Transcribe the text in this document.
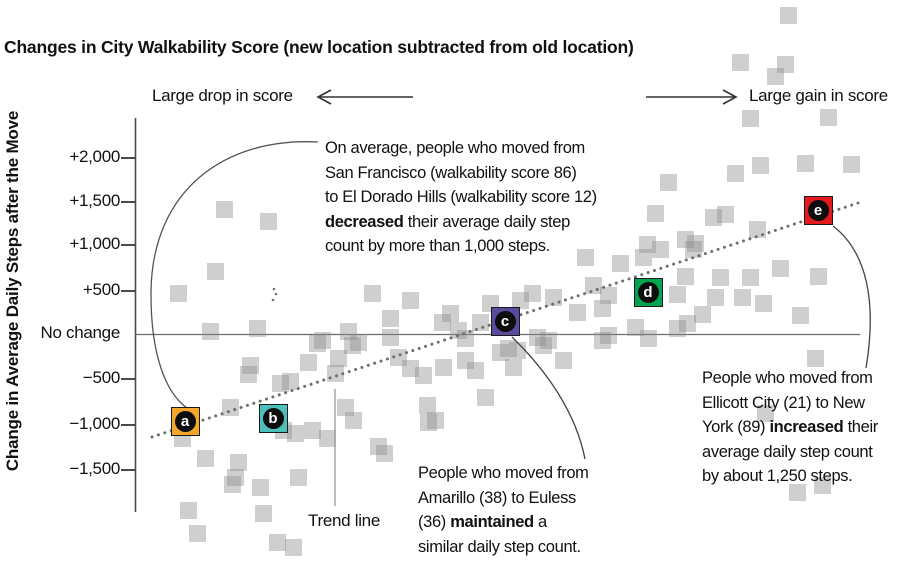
a	b
c
d
e
Changes in City Walkability Score (new location subtracted from old location)
Change in Average Daily Steps after the Move
Large drop in score	Large gain in score
+2,000
+1,500
+1,000
+500
No change
−500
−1,000
−1,500
On average, people who moved from
San Francisco (walkability score 86)
to El Dorado Hills (walkability score 12)
decreased their average daily step
count by more than 1,000 steps.
People who moved from
Amarillo (38) to Euless
(36) maintained a
similar daily step count.
People who moved from
Ellicott City (21) to New
York (89) increased their
average daily step count
by about 1,250 steps.
Trend line
